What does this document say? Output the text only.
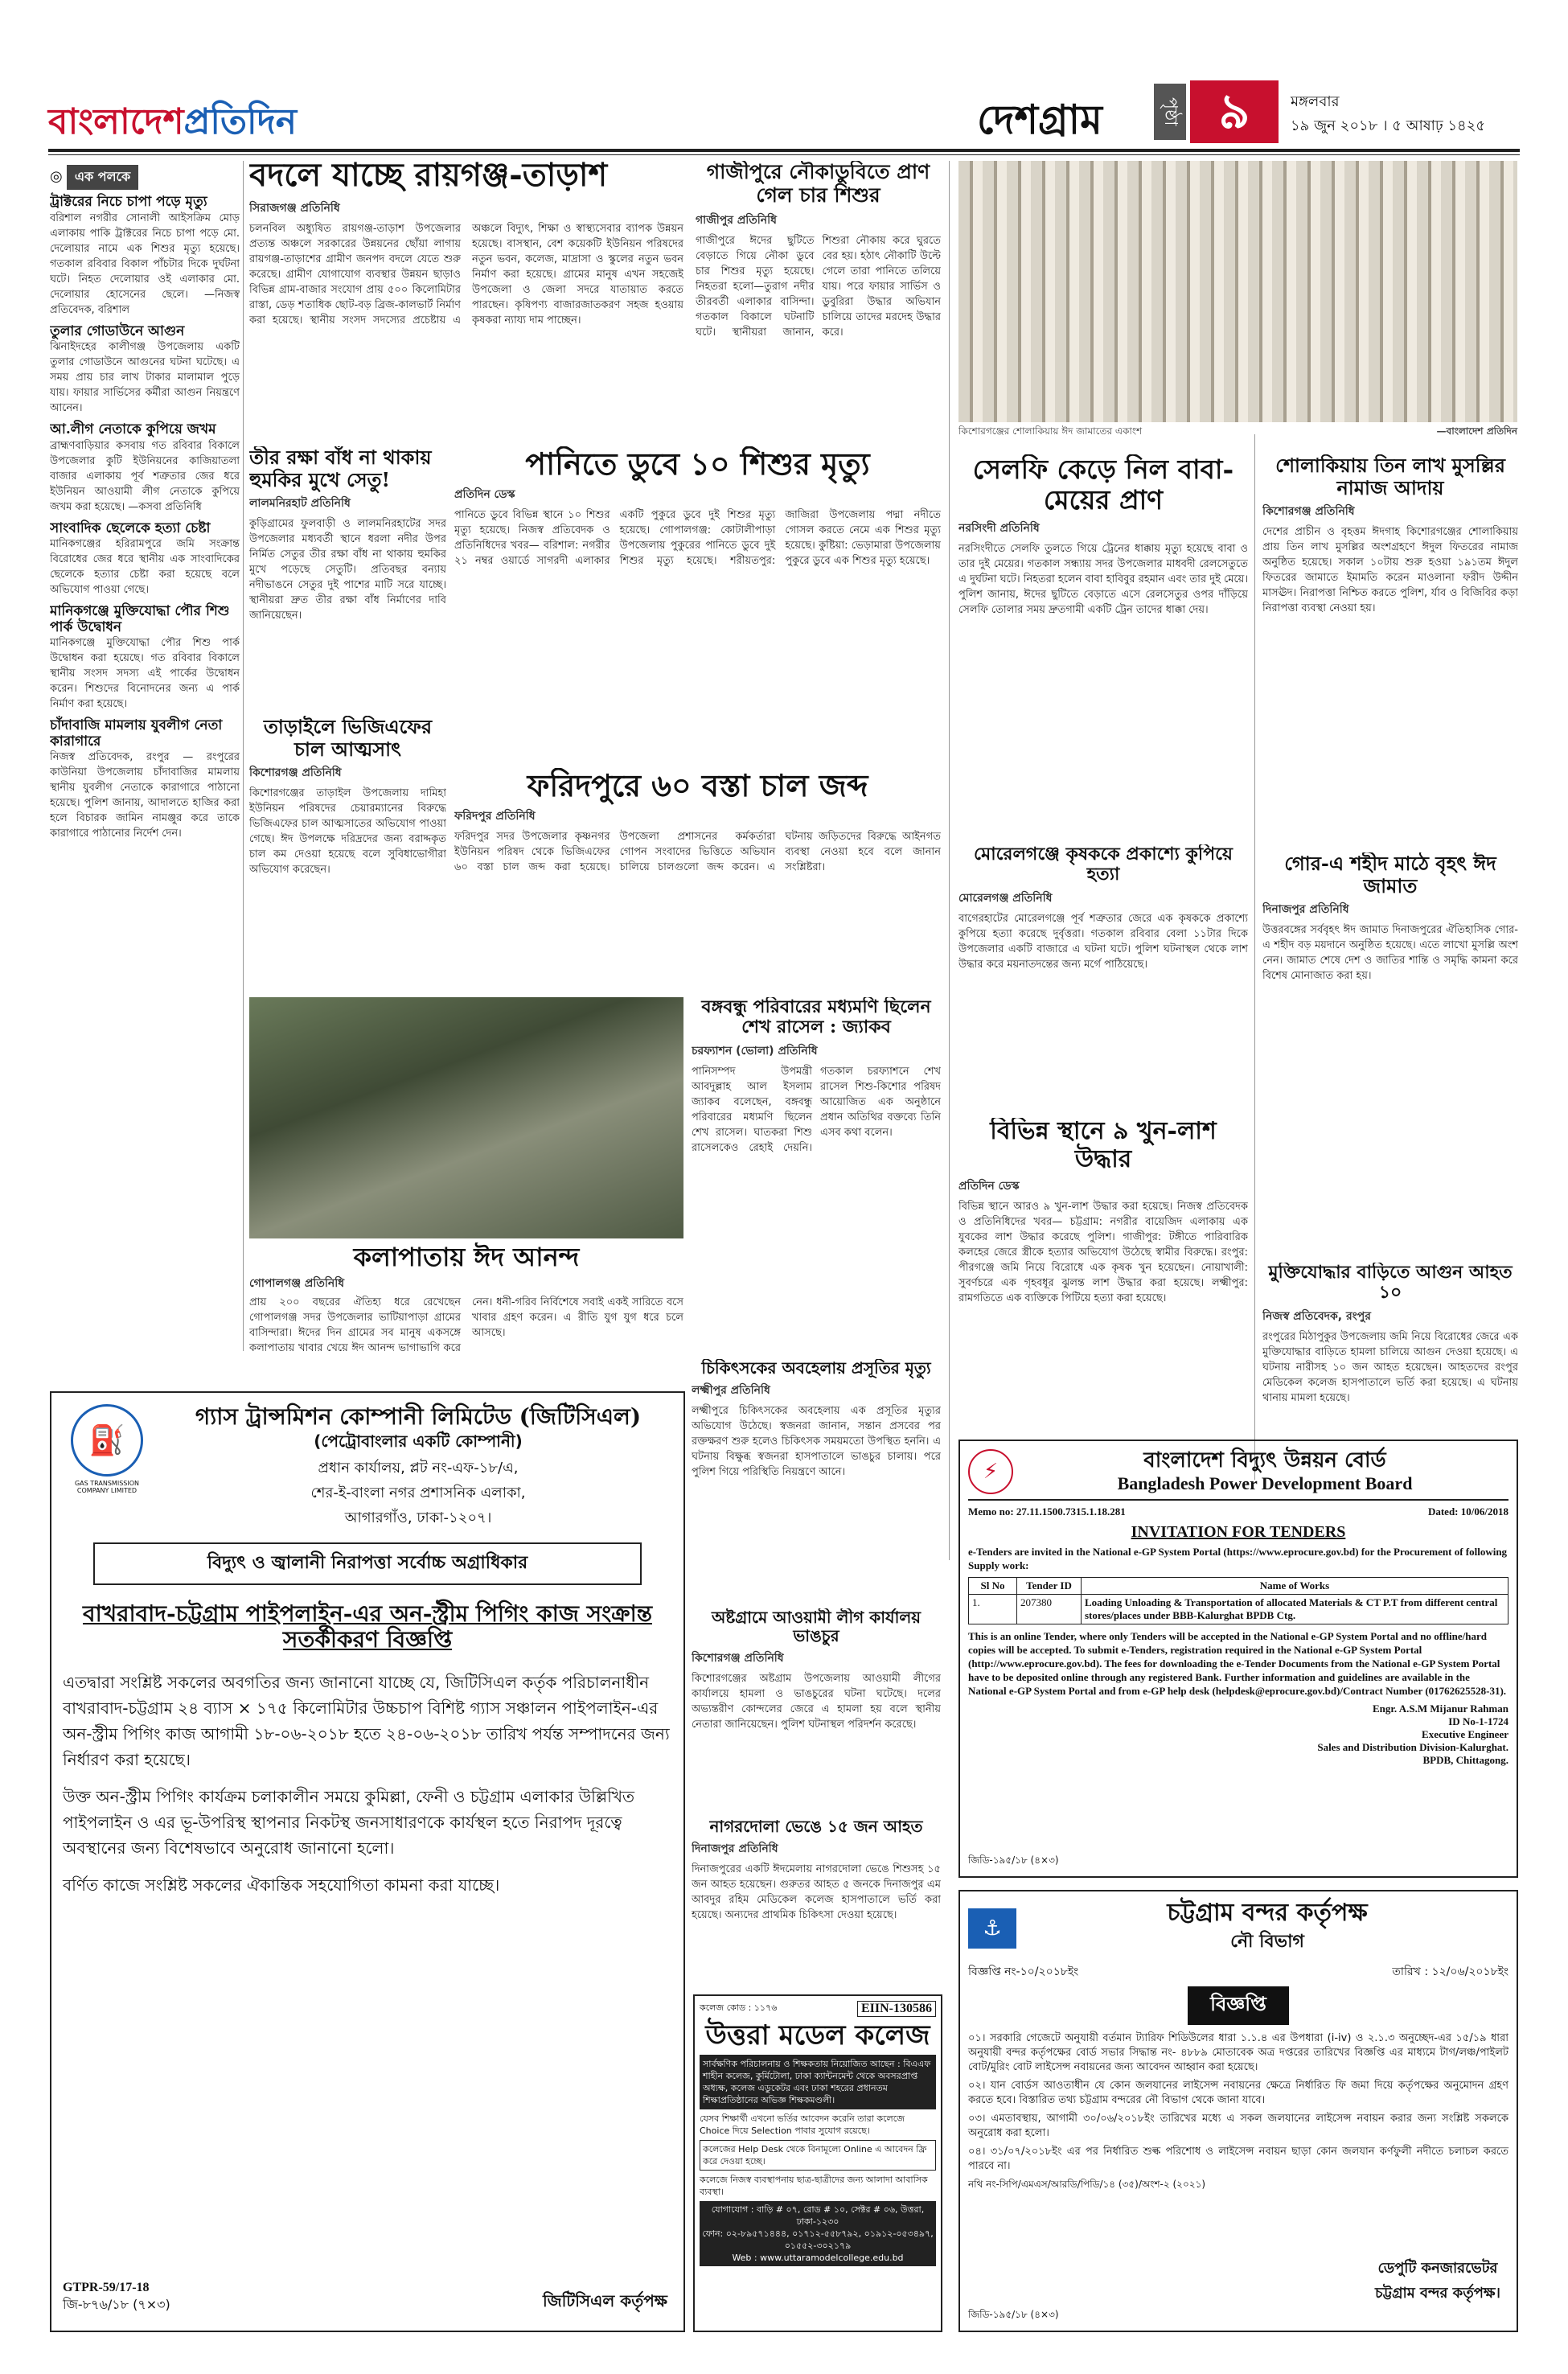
বাংলাদেশপ্রতিদিন	দেশগ্রাম	পৃষ্ঠা ৯	মঙ্গলবার
১৯ জুন ২০১৮ । ৫ আষাঢ় ১৪২৫
◎ এক পলকে
ট্রাক্টরের নিচে চাপা পড়ে মৃত্যু
বরিশাল নগরীর সোনালী আইসক্রিম মোড় এলাকায় পাকি ট্রাক্টরের নিচে চাপা পড়ে মো. দেলোয়ার নামে এক শিশুর মৃত্যু হয়েছে। গতকাল রবিবার বিকাল পাঁচটার দিকে দুর্ঘটনা ঘটে। নিহত দেলোয়ার ওই এলাকার মো. দেলোয়ার হোসেনের ছেলে। —নিজস্ব প্রতিবেদক, বরিশাল
তুলার গোডাউনে আগুন
ঝিনাইদহের কালীগঞ্জ উপজেলায় একটি তুলার গোডাউনে আগুনের ঘটনা ঘটেছে। এ সময় প্রায় চার লাখ টাকার মালামাল পুড়ে যায়। ফায়ার সার্ভিসের কর্মীরা আগুন নিয়ন্ত্রণে আনেন।
আ.লীগ নেতাকে কুপিয়ে জখম
ব্রাহ্মণবাড়িয়ার কসবায় গত রবিবার বিকালে উপজেলার কুটি ইউনিয়নের কাজিয়াতলা বাজার এলাকায় পূর্ব শত্রুতার জের ধরে ইউনিয়ন আওয়ামী লীগ নেতাকে কুপিয়ে জখম করা হয়েছে। —কসবা প্রতিনিধি
সাংবাদিক ছেলেকে হত্যা চেষ্টা
মানিকগঞ্জের হরিরামপুরে জমি সংক্রান্ত বিরোধের জের ধরে স্থানীয় এক সাংবাদিকের ছেলেকে হত্যার চেষ্টা করা হয়েছে বলে অভিযোগ পাওয়া গেছে।
মানিকগঞ্জে মুক্তিযোদ্ধা পৌর শিশু পার্ক উদ্বোধন
মানিকগঞ্জে মুক্তিযোদ্ধা পৌর শিশু পার্ক উদ্বোধন করা হয়েছে। গত রবিবার বিকালে স্থানীয় সংসদ সদস্য এই পার্কের উদ্বোধন করেন। শিশুদের বিনোদনের জন্য এ পার্ক নির্মাণ করা হয়েছে।
চাঁদাবাজি মামলায় যুবলীগ নেতা কারাগারে
নিজস্ব প্রতিবেদক, রংপুর — রংপুরের কাউনিয়া উপজেলায় চাঁদাবাজির মামলায় স্থানীয় যুবলীগ নেতাকে কারাগারে পাঠানো হয়েছে। পুলিশ জানায়, আদালতে হাজির করা হলে বিচারক জামিন নামঞ্জুর করে তাকে কারাগারে পাঠানোর নির্দেশ দেন।
বদলে যাচ্ছে রায়গঞ্জ-তাড়াশ
সিরাজগঞ্জ প্রতিনিধি
চলনবিল অধ্যুষিত রায়গঞ্জ-তাড়াশ উপজেলার প্রত্যন্ত অঞ্চলে সরকারের উন্নয়নের ছোঁয়া লাগায় রায়গঞ্জ-তাড়াশের গ্রামীণ জনপদ বদলে যেতে শুরু করেছে। গ্রামীণ যোগাযোগ ব্যবস্থার উন্নয়ন ছাড়াও বিভিন্ন গ্রাম-বাজার সংযোগ প্রায় ৫০০ কিলোমিটার রাস্তা, ডেড় শতাধিক ছোট-বড় ব্রিজ-কালভার্ট নির্মাণ করা হয়েছে। স্থানীয় সংসদ সদস্যের প্রচেষ্টায় এ অঞ্চলে বিদ্যুৎ, শিক্ষা ও স্বাস্থ্যসেবার ব্যাপক উন্নয়ন হয়েছে। বাসস্থান, বেশ কয়েকটি ইউনিয়ন পরিষদের নতুন ভবন, কলেজ, মাদ্রাসা ও স্কুলের নতুন ভবন নির্মাণ করা হয়েছে। গ্রামের মানুষ এখন সহজেই উপজেলা ও জেলা সদরে যাতায়াত করতে পারছেন। কৃষিপণ্য বাজারজাতকরণ সহজ হওয়ায় কৃষকরা ন্যায্য দাম পাচ্ছেন।
গাজীপুরে নৌকাডুবিতে প্রাণ গেল চার শিশুর
গাজীপুর প্রতিনিধি
গাজীপুরে ঈদের ছুটিতে বেড়াতে গিয়ে নৌকা ডুবে চার শিশুর মৃত্যু হয়েছে। নিহতরা হলো—তুরাগ নদীর তীরবর্তী এলাকার বাসিন্দা। গতকাল বিকালে ঘটনাটি ঘটে। স্থানীয়রা জানান, শিশুরা নৌকায় করে ঘুরতে বের হয়। হঠাৎ নৌকাটি উল্টে গেলে তারা পানিতে তলিয়ে যায়। পরে ফায়ার সার্ভিস ও ডুবুরিরা উদ্ধার অভিযান চালিয়ে তাদের মরদেহ উদ্ধার করে।
কিশোরগঞ্জের শোলাকিয়ায় ঈদ জামাতের একাংশ	—বাংলাদেশ প্রতিদিন
তীর রক্ষা বাঁধ না থাকায় হুমকির মুখে সেতু!
লালমনিরহাট প্রতিনিধি
কুড়িগ্রামের ফুলবাড়ী ও লালমনিরহাটের সদর উপজেলার মধ্যবর্তী স্থানে ধরলা নদীর উপর নির্মিত সেতুর তীর রক্ষা বাঁধ না থাকায় হুমকির মুখে পড়েছে সেতুটি। প্রতিবছর বন্যায় নদীভাঙনে সেতুর দুই পাশের মাটি সরে যাচ্ছে। স্থানীয়রা দ্রুত তীর রক্ষা বাঁধ নির্মাণের দাবি জানিয়েছেন।
পানিতে ডুবে ১০ শিশুর মৃত্যু
প্রতিদিন ডেস্ক
পানিতে ডুবে বিভিন্ন স্থানে ১০ শিশুর মৃত্যু হয়েছে। নিজস্ব প্রতিবেদক ও প্রতিনিধিদের খবর— বরিশাল: নগরীর ২১ নম্বর ওয়ার্ডে সাগরদী এলাকার একটি পুকুরে ডুবে দুই শিশুর মৃত্যু হয়েছে। গোপালগঞ্জ: কোটালীপাড়া উপজেলায় পুকুরের পানিতে ডুবে দুই শিশুর মৃত্যু হয়েছে। শরীয়তপুর: জাজিরা উপজেলায় পদ্মা নদীতে গোসল করতে নেমে এক শিশুর মৃত্যু হয়েছে। কুষ্টিয়া: ভেড়ামারা উপজেলায় পুকুরে ডুবে এক শিশুর মৃত্যু হয়েছে।
সেলফি কেড়ে নিল বাবা-মেয়ের প্রাণ
নরসিংদী প্রতিনিধি
নরসিংদীতে সেলফি তুলতে গিয়ে ট্রেনের ধাক্কায় মৃত্যু হয়েছে বাবা ও তার দুই মেয়ের। গতকাল সন্ধ্যায় সদর উপজেলার মাধবদী রেলসেতুতে এ দুর্ঘটনা ঘটে। নিহতরা হলেন বাবা হাবিবুর রহমান এবং তার দুই মেয়ে। পুলিশ জানায়, ঈদের ছুটিতে বেড়াতে এসে রেলসেতুর ওপর দাঁড়িয়ে সেলফি তোলার সময় দ্রুতগামী একটি ট্রেন তাদের ধাক্কা দেয়।
শোলাকিয়ায় তিন লাখ মুসল্লির নামাজ আদায়
কিশোরগঞ্জ প্রতিনিধি
দেশের প্রাচীন ও বৃহত্তম ঈদগাহ কিশোরগঞ্জের শোলাকিয়ায় প্রায় তিন লাখ মুসল্লির অংশগ্রহণে ঈদুল ফিতরের নামাজ অনুষ্ঠিত হয়েছে। সকাল ১০টায় শুরু হওয়া ১৯১তম ঈদুল ফিতরের জামাতে ইমামতি করেন মাওলানা ফরীদ উদ্দীন মাসঊদ। নিরাপত্তা নিশ্চিত করতে পুলিশ, র্যাব ও বিজিবির কড়া নিরাপত্তা ব্যবস্থা নেওয়া হয়।
গোর-এ শহীদ মাঠে বৃহৎ ঈদ জামাত
দিনাজপুর প্রতিনিধি
উত্তরবঙ্গের সর্ববৃহৎ ঈদ জামাত দিনাজপুরের ঐতিহাসিক গোর-এ শহীদ বড় ময়দানে অনুষ্ঠিত হয়েছে। এতে লাখো মুসল্লি অংশ নেন। জামাত শেষে দেশ ও জাতির শান্তি ও সমৃদ্ধি কামনা করে বিশেষ মোনাজাত করা হয়।
তাড়াইলে ভিজিএফের চাল আত্মসাৎ
কিশোরগঞ্জ প্রতিনিধি
কিশোরগঞ্জের তাড়াইল উপজেলায় দামিহা ইউনিয়ন পরিষদের চেয়ারম্যানের বিরুদ্ধে ভিজিএফের চাল আত্মসাতের অভিযোগ পাওয়া গেছে। ঈদ উপলক্ষে দরিদ্রদের জন্য বরাদ্দকৃত চাল কম দেওয়া হয়েছে বলে সুবিধাভোগীরা অভিযোগ করেছেন।
ফরিদপুরে ৬০ বস্তা চাল জব্দ
ফরিদপুর প্রতিনিধি
ফরিদপুর সদর উপজেলার কৃষ্ণনগর ইউনিয়ন পরিষদ থেকে ভিজিএফের ৬০ বস্তা চাল জব্দ করা হয়েছে। উপজেলা প্রশাসনের কর্মকর্তারা গোপন সংবাদের ভিত্তিতে অভিযান চালিয়ে চালগুলো জব্দ করেন। এ ঘটনায় জড়িতদের বিরুদ্ধে আইনগত ব্যবস্থা নেওয়া হবে বলে জানান সংশ্লিষ্টরা।
মোরেলগঞ্জে কৃষককে প্রকাশ্যে কুপিয়ে হত্যা
মোরেলগঞ্জ প্রতিনিধি
বাগেরহাটের মোরেলগঞ্জে পূর্ব শত্রুতার জেরে এক কৃষককে প্রকাশ্যে কুপিয়ে হত্যা করেছে দুর্বৃত্তরা। গতকাল রবিবার বেলা ১১টার দিকে উপজেলার একটি বাজারে এ ঘটনা ঘটে। পুলিশ ঘটনাস্থল থেকে লাশ উদ্ধার করে ময়নাতদন্তের জন্য মর্গে পাঠিয়েছে।
বিভিন্ন স্থানে ৯ খুন-লাশ উদ্ধার
প্রতিদিন ডেস্ক
বিভিন্ন স্থানে আরও ৯ খুন-লাশ উদ্ধার করা হয়েছে। নিজস্ব প্রতিবেদক ও প্রতিনিধিদের খবর— চট্টগ্রাম: নগরীর বায়েজিদ এলাকায় এক যুবকের লাশ উদ্ধার করেছে পুলিশ। গাজীপুর: টঙ্গীতে পারিবারিক কলহের জেরে স্ত্রীকে হত্যার অভিযোগ উঠেছে স্বামীর বিরুদ্ধে। রংপুর: পীরগঞ্জে জমি নিয়ে বিরোধে এক কৃষক খুন হয়েছেন। নোয়াখালী: সুবর্ণচরে এক গৃহবধূর ঝুলন্ত লাশ উদ্ধার করা হয়েছে। লক্ষ্মীপুর: রামগতিতে এক ব্যক্তিকে পিটিয়ে হত্যা করা হয়েছে।
কলাপাতায় ঈদ আনন্দ
গোপালগঞ্জ প্রতিনিধি
প্রায় ২০০ বছরের ঐতিহ্য ধরে রেখেছেন গোপালগঞ্জ সদর উপজেলার ভাটিয়াপাড়া গ্রামের বাসিন্দারা। ঈদের দিন গ্রামের সব মানুষ একসঙ্গে কলাপাতায় খাবার খেয়ে ঈদ আনন্দ ভাগাভাগি করে নেন। ধনী-গরিব নির্বিশেষে সবাই একই সারিতে বসে খাবার গ্রহণ করেন। এ রীতি যুগ যুগ ধরে চলে আসছে।
বঙ্গবন্ধু পরিবারের মধ্যমণি ছিলেন শেখ রাসেল : জ্যাকব
চরফ্যাশন (ভোলা) প্রতিনিধি
পানিসম্পদ উপমন্ত্রী আবদুল্লাহ আল ইসলাম জ্যাকব বলেছেন, বঙ্গবন্ধু পরিবারের মধ্যমণি ছিলেন শেখ রাসেল। ঘাতকরা শিশু রাসেলকেও রেহাই দেয়নি। গতকাল চরফ্যাশনে শেখ রাসেল শিশু-কিশোর পরিষদ আয়োজিত এক অনুষ্ঠানে প্রধান অতিথির বক্তব্যে তিনি এসব কথা বলেন।
মুক্তিযোদ্ধার বাড়িতে আগুন আহত ১০
নিজস্ব প্রতিবেদক, রংপুর
রংপুরের মিঠাপুকুর উপজেলায় জমি নিয়ে বিরোধের জেরে এক মুক্তিযোদ্ধার বাড়িতে হামলা চালিয়ে আগুন দেওয়া হয়েছে। এ ঘটনায় নারীসহ ১০ জন আহত হয়েছেন। আহতদের রংপুর মেডিকেল কলেজ হাসপাতালে ভর্তি করা হয়েছে। এ ঘটনায় থানায় মামলা হয়েছে।
চিকিৎসকের অবহেলায় প্রসূতির মৃত্যু
লক্ষ্মীপুর প্রতিনিধি
লক্ষ্মীপুরে চিকিৎসকের অবহেলায় এক প্রসূতির মৃত্যুর অভিযোগ উঠেছে। স্বজনরা জানান, সন্তান প্রসবের পর রক্তক্ষরণ শুরু হলেও চিকিৎসক সময়মতো উপস্থিত হননি। এ ঘটনায় বিক্ষুব্ধ স্বজনরা হাসপাতালে ভাঙচুর চালায়। পরে পুলিশ গিয়ে পরিস্থিতি নিয়ন্ত্রণে আনে।
অষ্টগ্রামে আওয়ামী লীগ কার্যালয় ভাঙচুর
কিশোরগঞ্জ প্রতিনিধি
কিশোরগঞ্জের অষ্টগ্রাম উপজেলায় আওয়ামী লীগের কার্যালয়ে হামলা ও ভাঙচুরের ঘটনা ঘটেছে। দলের অভ্যন্তরীণ কোন্দলের জেরে এ হামলা হয় বলে স্থানীয় নেতারা জানিয়েছেন। পুলিশ ঘটনাস্থল পরিদর্শন করেছে।
নাগরদোলা ভেঙে ১৫ জন আহত
দিনাজপুর প্রতিনিধি
দিনাজপুরের একটি ঈদমেলায় নাগরদোলা ভেঙে শিশুসহ ১৫ জন আহত হয়েছেন। গুরুতর আহত ৫ জনকে দিনাজপুর এম আবদুর রহিম মেডিকেল কলেজ হাসপাতালে ভর্তি করা হয়েছে। অন্যদের প্রাথমিক চিকিৎসা দেওয়া হয়েছে।
⛽
GAS TRANSMISSION COMPANY LIMITED
গ্যাস ট্রান্সমিশন কোম্পানী লিমিটেড (জিটিসিএল)
(পেট্রোবাংলার একটি কোম্পানী)
প্রধান কার্যালয়, প্লট নং-এফ-১৮/এ,
শের-ই-বাংলা নগর প্রশাসনিক এলাকা,
আগারগাঁও, ঢাকা-১২০৭।
বিদ্যুৎ ও জ্বালানী নিরাপত্তা সর্বোচ্চ অগ্রাধিকার
বাখরাবাদ-চট্টগ্রাম পাইপলাইন-এর অন-স্ট্রীম পিগিং কাজ সংক্রান্ত সতর্কীকরণ বিজ্ঞপ্তি
এতদ্বারা সংশ্লিষ্ট সকলের অবগতির জন্য জানানো যাচ্ছে যে, জিটিসিএল কর্তৃক পরিচালনাধীন বাখরাবাদ-চট্টগ্রাম ২৪ ব্যাস × ১৭৫ কিলোমিটার উচ্চচাপ বিশিষ্ট গ্যাস সঞ্চালন পাইপলাইন-এর অন-স্ট্রীম পিগিং কাজ আগামী ১৮-০৬-২০১৮ হতে ২৪-০৬-২০১৮ তারিখ পর্যন্ত সম্পাদনের জন্য নির্ধারণ করা হয়েছে।
উক্ত অন-স্ট্রীম পিগিং কার্যক্রম চলাকালীন সময়ে কুমিল্লা, ফেনী ও চট্টগ্রাম এলাকার উল্লিখিত পাইপলাইন ও এর ভূ-উপরিস্থ স্থাপনার নিকটস্থ জনসাধারণকে কার্যস্থল হতে নিরাপদ দূরত্বে অবস্থানের জন্য বিশেষভাবে অনুরোধ জানানো হলো।
বর্ণিত কাজে সংশ্লিষ্ট সকলের ঐকান্তিক সহযোগিতা কামনা করা যাচ্ছে।
GTPR-59/17-18
জি-৮৭৬/১৮ (৭×৩)	জিটিসিএল কর্তৃপক্ষ
কলেজ কোড : ১১৭৬	EIIN-130586
উত্তরা মডেল কলেজ
সার্বক্ষণিক পরিচালনায় ও শিক্ষকতায় নিয়োজিত আছেন : বিএএফ শাহীন কলেজ, কুর্মিটোলা, ঢাকা ক্যান্টনমেন্ট থেকে অবসরপ্রাপ্ত অধ্যক্ষ, কলেজ এডুকেটর এবং ঢাকা শহরের প্রধানতম শিক্ষাপ্রতিষ্ঠানের অভিজ্ঞ শিক্ষকমণ্ডলী।
যেসব শিক্ষার্থী এখনো ভর্তির আবেদন করেনি তারা কলেজে Choice দিয়ে Selection পাবার সুযোগ রয়েছে।
কলেজের Help Desk থেকে বিনামূল্যে Online এ আবেদন ফ্রি করে দেওয়া হচ্ছে।
কলেজে নিজস্ব ব্যবস্থাপনায় ছাত্র-ছাত্রীদের জন্য আলাদা আবাসিক ব্যবস্থা।
যোগাযোগ : বাড়ি # ০৭, রোড # ১০, সেক্টর # ০৬, উত্তরা, ঢাকা-১২৩০
ফোন: ০২-৮৯৫৭১৪৪৪, ০১৭১২-৫৫৮৭৯২, ০১৯১২-০৫৩৪৯৭, ০১৫৫২-৩০২১৭৯
Web : www.uttaramodelcollege.edu.bd
⚡	বাংলাদেশ বিদ্যুৎ উন্নয়ন বোর্ড
Bangladesh Power Development Board
Memo no: 27.11.1500.7315.1.18.281	Dated: 10/06/2018
INVITATION FOR TENDERS
e-Tenders are invited in the National e-GP System Portal (https://www.eprocure.gov.bd) for the Procurement of following Supply work:
Sl No	Tender ID	Name of Works
1.	207380	Loading Unloading & Transportation of allocated Materials & CT P.T from different central stores/places under BBB-Kalurghat BPDB Ctg.
This is an online Tender, where only Tenders will be accepted in the National e-GP System Portal and no offline/hard copies will be accepted. To submit e-Tenders, registration required in the National e-GP System Portal (http://www.eprocure.gov.bd). The fees for downloading the e-Tender Documents from the National e-GP System Portal have to be deposited online through any registered Bank. Further information and guidelines are available in the National e-GP System Portal and from e-GP help desk (helpdesk@eprocure.gov.bd)/Contract Number (01762625528-31).
Engr. A.S.M Mijanur Rahman
ID No-1-1724
Executive Engineer
Sales and Distribution Division-Kalurghat.
BPDB, Chittagong.
জিডি-১৯৫/১৮ (৪×৩)
⚓
চট্টগ্রাম বন্দর কর্তৃপক্ষ
নৌ বিভাগ
বিজ্ঞপ্তি নং-১০/২০১৮ইং	তারিখ : ১২/০৬/২০১৮ইং
বিজ্ঞপ্তি
০১। সরকারি গেজেটে অনুযায়ী বর্তমান ট্যারিফ শিডিউলের ধারা ১.১.৪ এর উপধারা (i-iv) ও ২.১.৩ অনুচ্ছেদ-এর ১৫/১৯ ধারা অনুযায়ী বন্দর কর্তৃপক্ষের বোর্ড সভার সিদ্ধান্ত নং- ৪৮৮৯ মোতাবেক অত্র দপ্তরের তারিখের বিজ্ঞপ্তি এর মাধ্যমে টাগ/লঞ্চ/পাইলট বোট/মুরিং বোট লাইসেন্স নবায়নের জন্য আবেদন আহ্বান করা হয়েছে।
০২। যান বোর্ডস আওতাধীন যে কোন জলযানের লাইসেন্স নবায়নের ক্ষেত্রে নির্ধারিত ফি জমা দিয়ে কর্তৃপক্ষের অনুমোদন গ্রহণ করতে হবে। বিস্তারিত তথ্য চট্টগ্রাম বন্দরের নৌ বিভাগ থেকে জানা যাবে।
০৩। এমতাবস্থায়, আগামী ৩০/০৬/২০১৮ইং তারিখের মধ্যে এ সকল জলযানের লাইসেন্স নবায়ন করার জন্য সংশ্লিষ্ট সকলকে অনুরোধ করা হলো।
০৪। ৩১/০৭/২০১৮ইং এর পর নির্ধারিত শুল্ক পরিশোধ ও লাইসেন্স নবায়ন ছাড়া কোন জলযান কর্ণফুলী নদীতে চলাচল করতে পারবে না।
নথি নং-সিপি/এমএস/আরডি/পিডি/১৪ (৩৫)/অংশ-২ (২০২১)
ডেপুটি কনজারভেটর
চট্টগ্রাম বন্দর কর্তৃপক্ষ।
জিডি-১৯৫/১৮ (৪×৩)
